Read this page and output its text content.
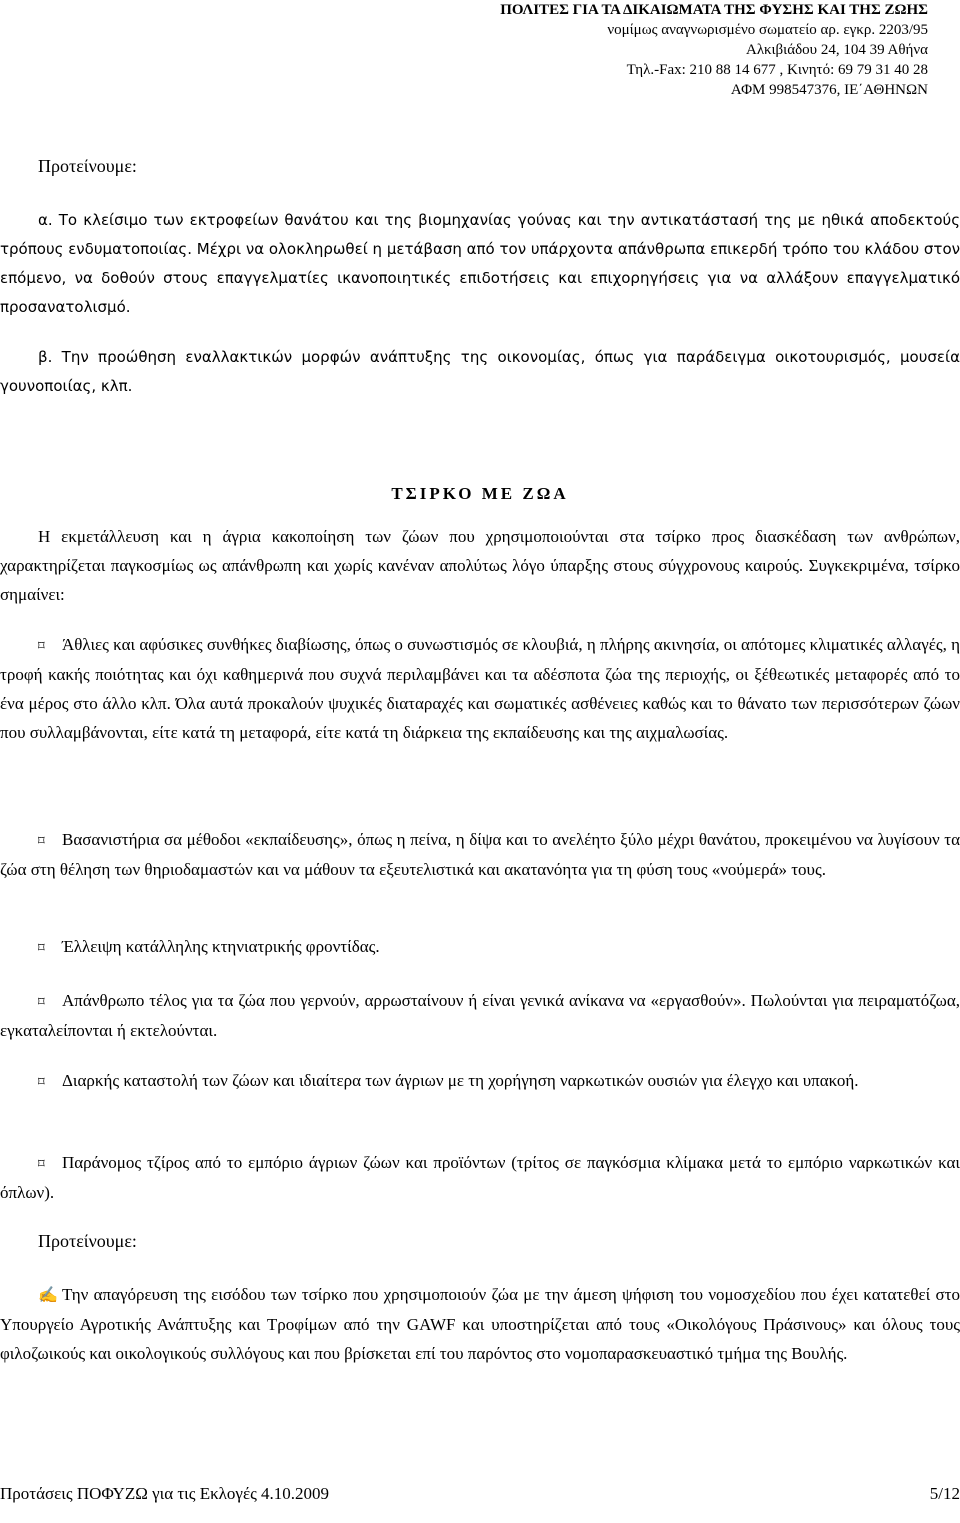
ΠΟΛΙΤΕΣ ΓΙΑ ΤΑ ΔΙΚΑΙΩΜΑΤΑ ΤΗΣ ΦΥΣΗΣ ΚΑΙ ΤΗΣ ΖΩΗΣ
νομίμως αναγνωρισμένο σωματείο αρ. εγκρ. 2203/95
Αλκιβιάδου 24, 104 39 Αθήνα
Τηλ.-Fax: 210 88 14 677 , Κινητό: 69 79 31 40 28
ΑΦΜ 998547376, ΙΕ΄ΑΘΗΝΩΝ

Προτείνουμε:

α. Το κλείσιμο των εκτροφείων θανάτου και της βιομηχανίας γούνας και την αντικατάστασή της με ηθικά αποδεκτούς τρόπους ενδυματοποιίας. Μέχρι να ολοκληρωθεί η μετάβαση από τον υπάρχοντα απάνθρωπα επικερδή τρόπο του κλάδου στον επόμενο, να δοθούν στους επαγγελματίες ικανοποιητικές επιδοτήσεις και επιχορηγήσεις για να αλλάξουν επαγγελματικό προσανατολισμό.

β. Την προώθηση εναλλακτικών μορφών ανάπτυξης της οικονομίας, όπως για παράδειγμα οικοτουρισμός, μουσεία γουνοποιίας, κλπ.

ΤΣΙΡΚΟ ΜΕ ΖΩΑ

Η εκμετάλλευση και η άγρια κακοποίηση των ζώων που χρησιμοποιούνται στα τσίρκο προς διασκέδαση των ανθρώπων, χαρακτηρίζεται παγκοσμίως ως απάνθρωπη και χωρίς κανέναν απολύτως λόγο ύπαρξης στους σύγχρονους καιρούς. Συγκεκριμένα, τσίρκο σημαίνει:

⌑ Άθλιες και αφύσικες συνθήκες διαβίωσης, όπως ο συνωστισμός σε κλουβιά, η πλήρης ακινησία, οι απότομες κλιματικές αλλαγές, η τροφή κακής ποιότητας και όχι καθημερινά που συχνά περιλαμβάνει και τα αδέσποτα ζώα της περιοχής, οι ξέθεωτικές μεταφορές από το ένα μέρος στο άλλο κλπ. Όλα αυτά προκαλούν ψυχικές διαταραχές και σωματικές ασθένειες καθώς και το θάνατο των περισσότερων ζώων που συλλαμβάνονται, είτε κατά τη μεταφορά, είτε κατά τη διάρκεια της εκπαίδευσης και της αιχμαλωσίας.

⌑ Βασανιστήρια σα μέθοδοι «εκπαίδευσης», όπως η πείνα, η δίψα και το ανελέητο ξύλο μέχρι θανάτου, προκειμένου να λυγίσουν τα ζώα στη θέληση των θηριοδαμαστών και να μάθουν τα εξευτελιστικά και ακατανόητα για τη φύση τους «νούμερά» τους.

⌑ Έλλειψη κατάλληλης κτηνιατρικής φροντίδας.

⌑ Απάνθρωπο τέλος για τα ζώα που γερνούν, αρρωσταίνουν ή είναι γενικά ανίκανα να «εργασθούν». Πωλούνται για πειραματόζωα, εγκαταλείπονται ή εκτελούνται.

⌑ Διαρκής καταστολή των ζώων και ιδιαίτερα των άγριων με τη χορήγηση ναρκωτικών ουσιών για έλεγχο και υπακοή.

⌑ Παράνομος τζίρος από το εμπόριο άγριων ζώων και προϊόντων (τρίτος σε παγκόσμια κλίμακα μετά το εμπόριο ναρκωτικών και όπλων).

Προτείνουμε:

✍ Την απαγόρευση της εισόδου των τσίρκο που χρησιμοποιούν ζώα με την άμεση ψήφιση του νομοσχεδίου που έχει κατατεθεί στο Υπουργείο Αγροτικής Ανάπτυξης και Τροφίμων από την GAWF και υποστηρίζεται από τους «Οικολόγους Πράσινους» και όλους τους φιλοζωικούς και οικολογικούς συλλόγους και που βρίσκεται επί του παρόντος στο νομοπαρασκευαστικό τμήμα της Βουλής.

Προτάσεις ΠΟΦΥΖΩ για τις Εκλογές 4.10.2009	5/12
